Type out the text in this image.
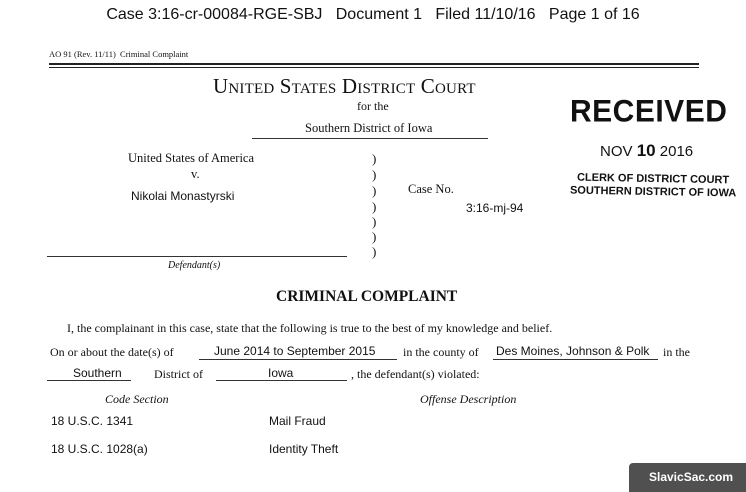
Case 3:16-cr-00084-RGE-SBJ   Document 1   Filed 11/10/16   Page 1 of 16
AO 91 (Rev. 11/11)  Criminal Complaint
United States District Court
for the
Southern District of Iowa	RECEIVED
NOV 10 2016
CLERK OF DISTRICT COURT
SOUTHERN DISTRICT OF IOWA
United States of America
v.
Nikolai Monastyrski
Defendant(s)
)
)
)
)
)
)
)
Case No.
3:16-mj-94
CRIMINAL COMPLAINT
I, the complainant in this case, state that the following is true to the best of my knowledge and belief.
On or about the date(s) of	June 2014 to September 2015 in the county of Des Moines, Johnson & Polk in the
Southern	District of	Iowa	, the defendant(s) violated:
Code Section	Offense Description
18 U.S.C. 1341	Mail Fraud
18 U.S.C. 1028(a)	Identity Theft
SlavicSac.com
